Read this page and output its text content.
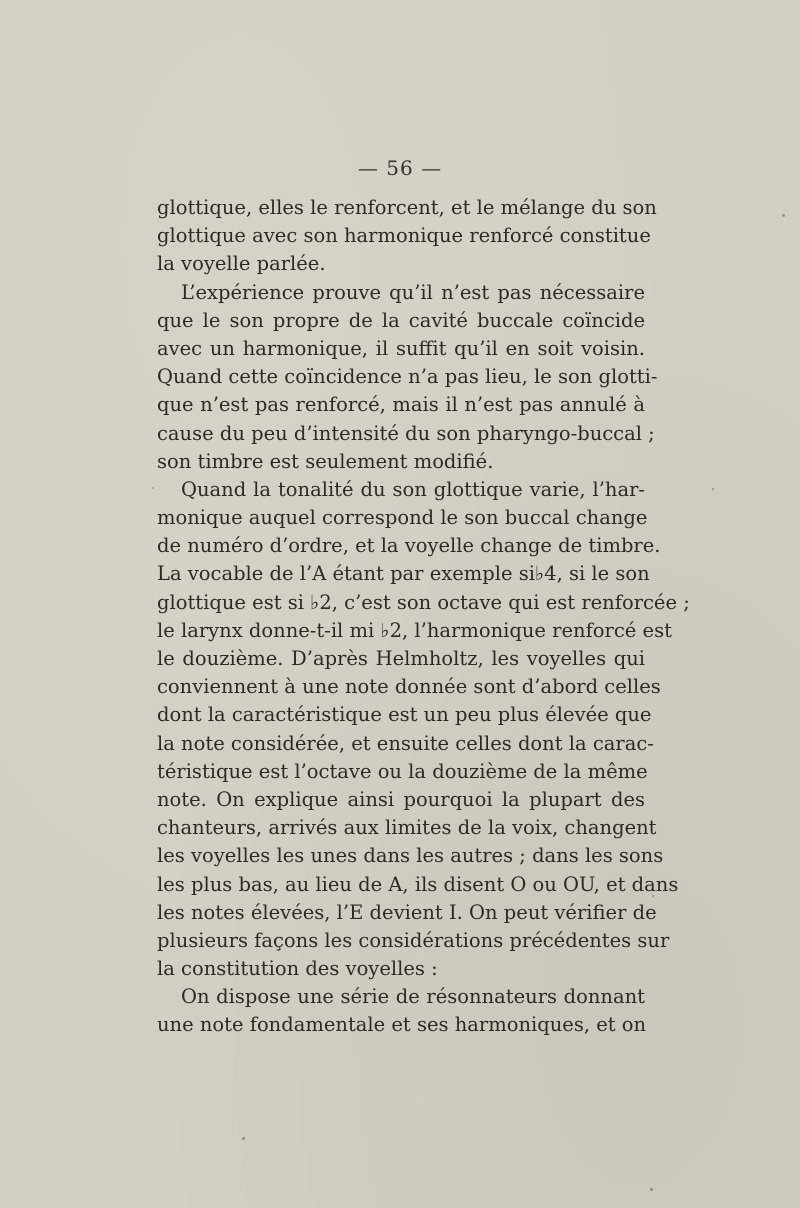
— 56 —
glottique, elles le renforcent, et le mélange du son
glottique avec son harmonique renforcé constitue
la voyelle parlée.
L’expérience prouve qu’il n’est pas nécessaire
que le son propre de la cavité buccale coïncide
avec un harmonique, il suffit qu’il en soit voisin.
Quand cette coïncidence n’a pas lieu, le son glotti-
que n’est pas renforcé, mais il n’est pas annulé à
cause du peu d’intensité du son pharyngo-buccal ;
son timbre est seulement modifié.
Quand la tonalité du son glottique varie, l’har-
monique auquel correspond le son buccal change
de numéro d’ordre, et la voyelle change de timbre.
La vocable de l’A étant par exemple si♭4, si le son
glottique est si ♭2, c’est son octave qui est renforcée ;
le larynx donne-t-il mi ♭2, l’harmonique renforcé est
le douzième. D’après Helmholtz, les voyelles qui
conviennent à une note donnée sont d’abord celles
dont la caractéristique est un peu plus élevée que
la note considérée, et ensuite celles dont la carac-
téristique est l’octave ou la douzième de la même
note. On explique ainsi pourquoi la plupart des
chanteurs, arrivés aux limites de la voix, changent
les voyelles les unes dans les autres ; dans les sons
les plus bas, au lieu de A, ils disent O ou OU, et dans
les notes élevées, l’E devient I. On peut vérifier de
plusieurs façons les considérations précédentes sur
la constitution des voyelles :
On dispose une série de résonnateurs donnant
une note fondamentale et ses harmoniques, et on
